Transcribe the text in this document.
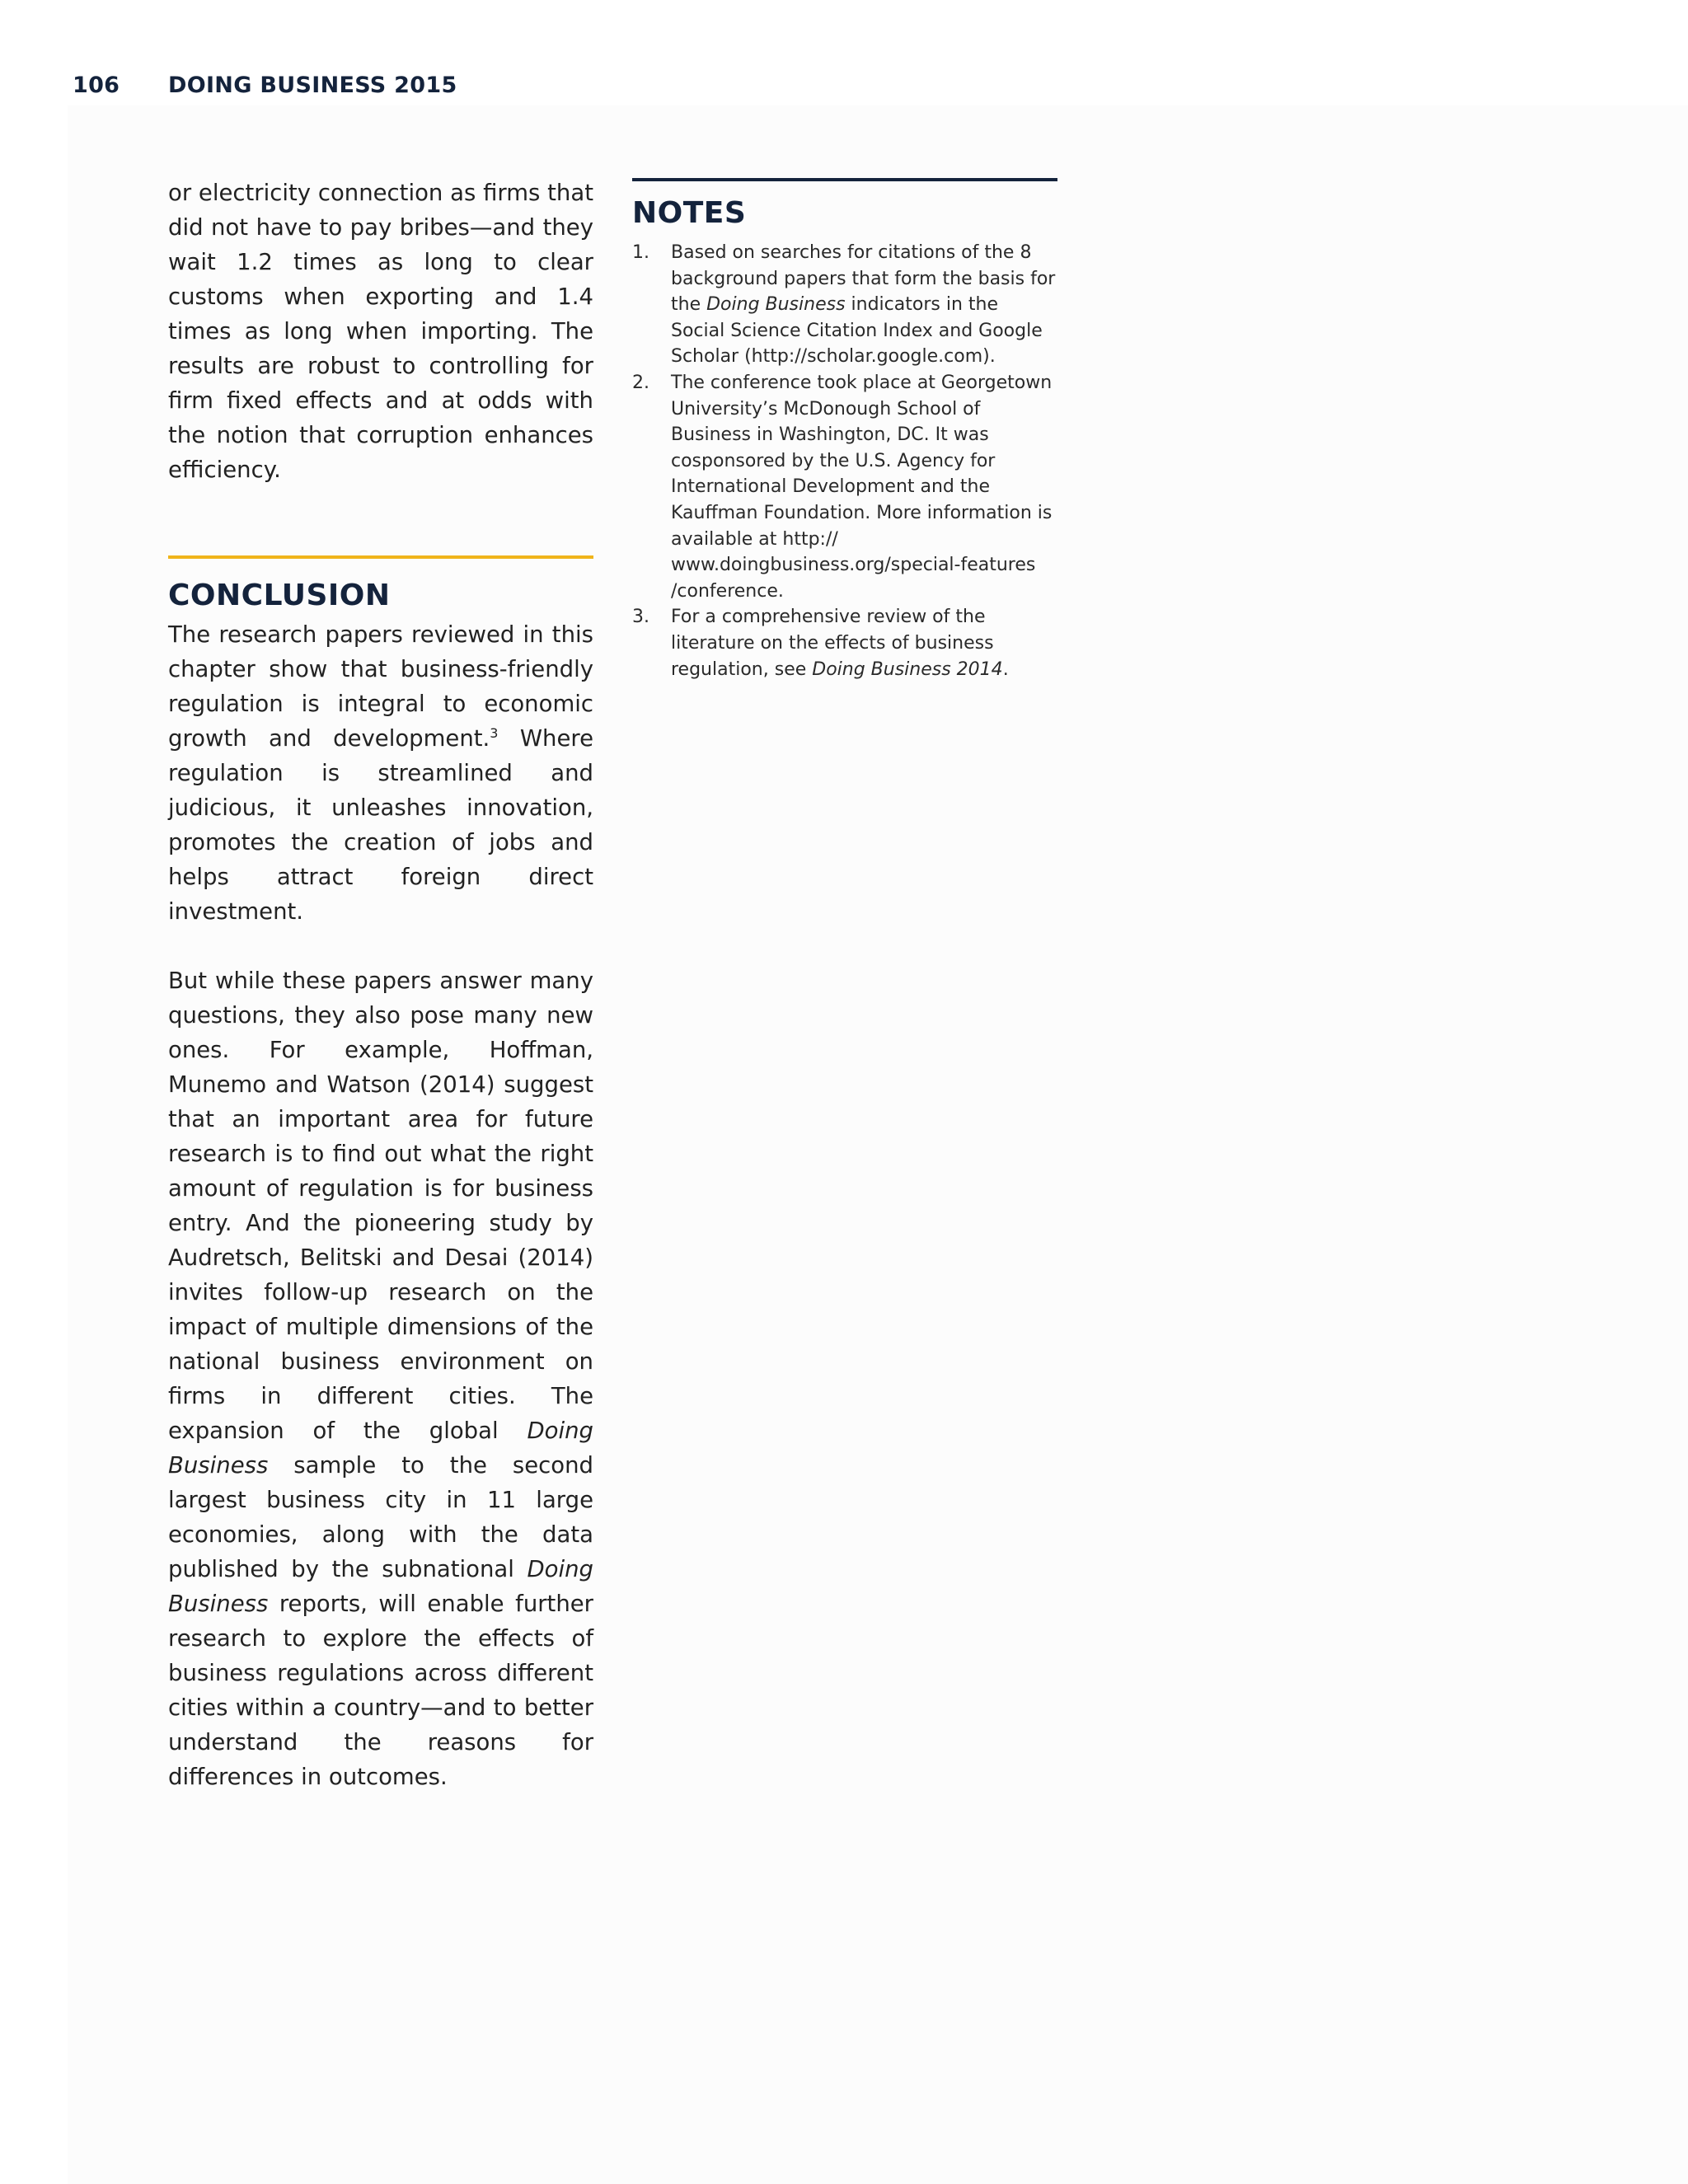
106	DOING BUSINESS 2015

or electricity connection as firms that did not have to pay bribes—and they wait 1.2 times as long to clear customs when exporting and 1.4 times as long when importing. The results are robust to controlling for firm fixed effects and at odds with the notion that corruption enhances efficiency.

CONCLUSION

The research papers reviewed in this chapter show that business-friendly regulation is integral to economic growth and development.$^3$ Where regulation is streamlined and judicious, it unleashes innovation, promotes the creation of jobs and helps attract foreign direct investment.

But while these papers answer many questions, they also pose many new ones. For example, Hoffman, Munemo and Watson (2014) suggest that an important area for future research is to find out what the right amount of regulation is for business entry. And the pioneering study by Audretsch, Belitski and Desai (2014) invites follow-up research on the impact of multiple dimensions of the national business environment on firms in different cities. The expansion of the global Doing Business sample to the second largest business city in 11 large economies, along with the data published by the subnational Doing Business reports, will enable further research to explore the effects of business regulations across different cities within a country—and to better understand the reasons for differences in outcomes.

NOTES
1.	Based on searches for citations of the 8 background papers that form the basis for the Doing Business indicators in the Social Science Citation Index and Google Scholar (http://scholar.google.com).
2.	The conference took place at Georgetown University’s McDonough School of Business in Washington, DC. It was cosponsored by the U.S. Agency for International Development and the Kauffman Foundation. More information is available at http:// www.doingbusiness.org/special-features /conference.
3.	For a comprehensive review of the literature on the effects of business regulation, see Doing Business 2014.
